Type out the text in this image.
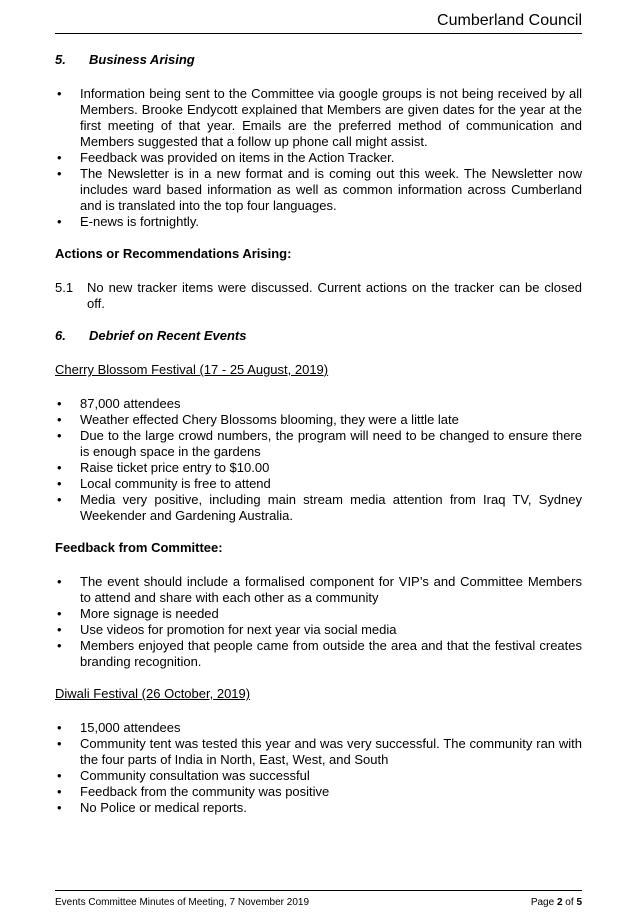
Cumberland Council
5.	Business Arising
• Information being sent to the Committee via google groups is not being received by all Members. Brooke Endycott explained that Members are given dates for the year at the first meeting of that year. Emails are the preferred method of communication and Members suggested that a follow up phone call might assist.
• Feedback was provided on items in the Action Tracker.
• The Newsletter is in a new format and is coming out this week. The Newsletter now includes ward based information as well as common information across Cumberland and is translated into the top four languages.
• E-news is fortnightly.
Actions or Recommendations Arising:
5.1	No new tracker items were discussed. Current actions on the tracker can be closed off.
6.	Debrief on Recent Events
Cherry Blossom Festival (17 - 25 August, 2019)
• 87,000 attendees
• Weather effected Chery Blossoms blooming, they were a little late
• Due to the large crowd numbers, the program will need to be changed to ensure there is enough space in the gardens
• Raise ticket price entry to $10.00
• Local community is free to attend
• Media very positive, including main stream media attention from Iraq TV, Sydney Weekender and Gardening Australia.
Feedback from Committee:
• The event should include a formalised component for VIP’s and Committee Members to attend and share with each other as a community
• More signage is needed
• Use videos for promotion for next year via social media
• Members enjoyed that people came from outside the area and that the festival creates branding recognition.
Diwali Festival (26 October, 2019)
• 15,000 attendees
• Community tent was tested this year and was very successful. The community ran with the four parts of India in North, East, West, and South
• Community consultation was successful
• Feedback from the community was positive
• No Police or medical reports.
Events Committee Minutes of Meeting, 7 November 2019	Page 2 of 5
